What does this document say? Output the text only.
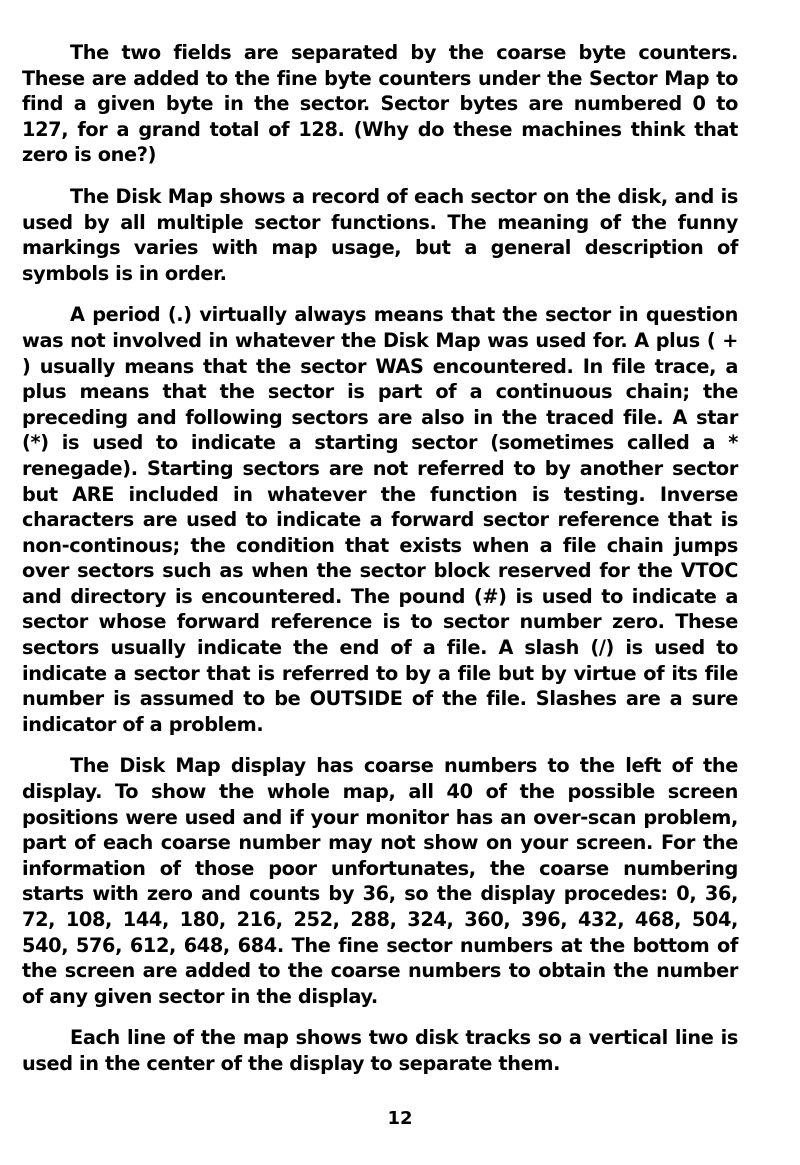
The two fields are separated by the coarse byte counters. These are added to the fine byte counters under the Sector Map to find a given byte in the sector. Sector bytes are numbered 0 to 127, for a grand total of 128. (Why do these machines think that zero is one?)

The Disk Map shows a record of each sector on the disk, and is used by all multiple sector functions. The meaning of the funny markings varies with map usage, but a general description of symbols is in order.

A period (.) virtually always means that the sector in question was not involved in whatever the Disk Map was used for. A plus ( + ) usually means that the sector WAS encountered. In file trace, a plus means that the sector is part of a continuous chain; the preceding and following sectors are also in the traced file. A star (*) is used to indicate a starting sector (sometimes called a * renegade). Starting sectors are not referred to by another sector but ARE included in whatever the function is testing. Inverse characters are used to indicate a forward sector reference that is non-continous; the condition that exists when a file chain jumps over sectors such as when the sector block reserved for the VTOC and directory is encountered. The pound (#) is used to indicate a sector whose forward reference is to sector number zero. These sectors usually indicate the end of a file. A slash (/) is used to indicate a sector that is referred to by a file but by virtue of its file number is assumed to be OUTSIDE of the file. Slashes are a sure indicator of a problem.

The Disk Map display has coarse numbers to the left of the display. To show the whole map, all 40 of the possible screen positions were used and if your monitor has an over-scan problem, part of each coarse number may not show on your screen. For the information of those poor unfortunates, the coarse numbering starts with zero and counts by 36, so the display procedes: 0, 36, 72, 108, 144, 180, 216, 252, 288, 324, 360, 396, 432, 468, 504, 540, 576, 612, 648, 684. The fine sector numbers at the bottom of the screen are added to the coarse numbers to obtain the number of any given sector in the display.

Each line of the map shows two disk tracks so a vertical line is used in the center of the display to separate them.

12
